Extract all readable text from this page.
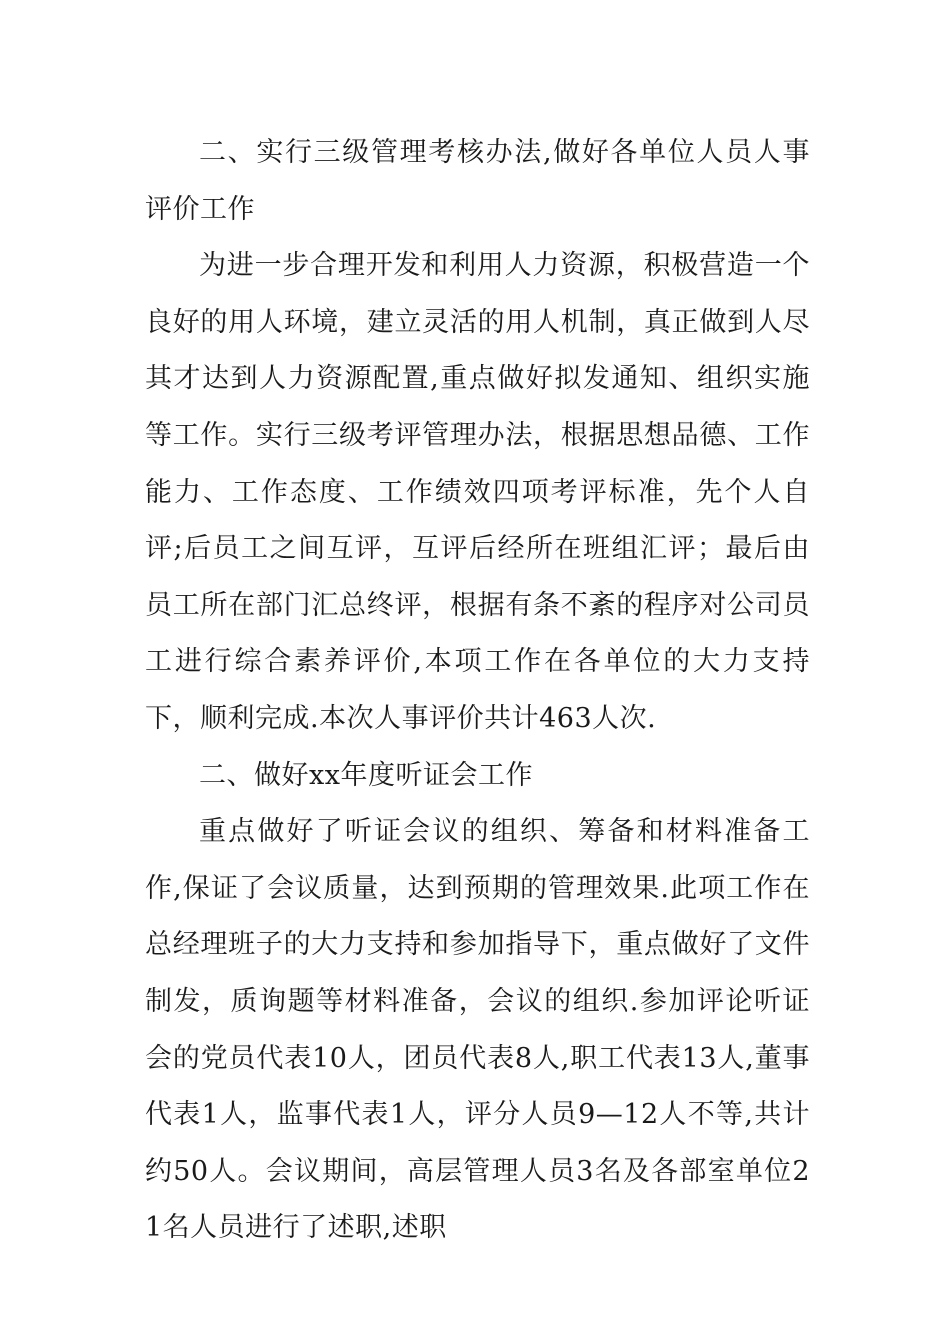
二、实行三级管理考核办法,做好各单位人员人事评价工作

为进一步合理开发和利用人力资源，积极营造一个良好的用人环境，建立灵活的用人机制，真正做到人尽其才达到人力资源配置,重点做好拟发通知、组织实施等工作。实行三级考评管理办法，根据思想品德、工作能力、工作态度、工作绩效四项考评标准，先个人自评;后员工之间互评，互评后经所在班组汇评；最后由员工所在部门汇总终评，根据有条不紊的程序对公司员工进行综合素养评价,本项工作在各单位的大力支持下，顺利完成.本次人事评价共计463人次.

二、做好xx年度听证会工作

重点做好了听证会议的组织、筹备和材料准备工作,保证了会议质量，达到预期的管理效果.此项工作在总经理班子的大力支持和参加指导下，重点做好了文件制发，质询题等材料准备，会议的组织.参加评论听证会的党员代表10人，团员代表8人,职工代表13人,董事代表1人，监事代表1人，评分人员9—12人不等,共计约50人。会议期间，高层管理人员3名及各部室单位21名人员进行了述职,述职
